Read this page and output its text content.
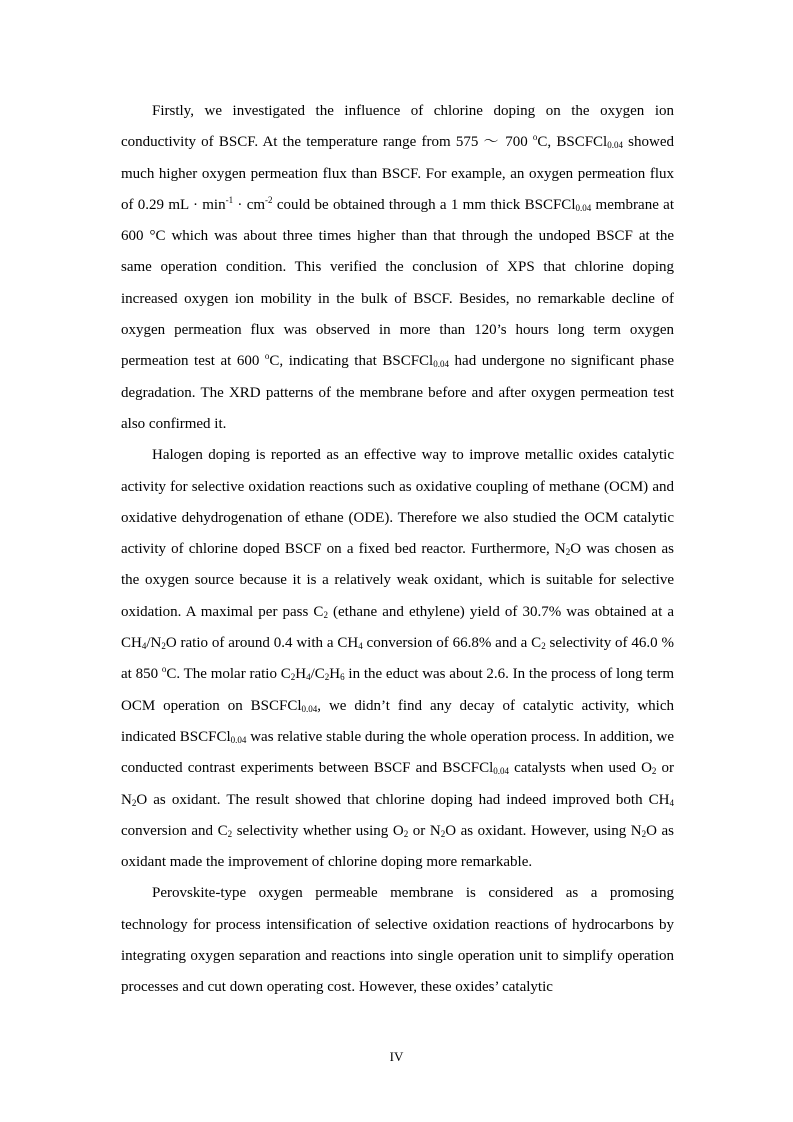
Firstly, we investigated the influence of chlorine doping on the oxygen ion conductivity of BSCF. At the temperature range from 575 ～ 700 $^o$C, BSCFCl$_{0.04}$ showed much higher oxygen permeation flux than BSCF. For example, an oxygen permeation flux of 0.29 mL · $\min^{-1} \cdot cm^{-2}$ could be obtained through a 1 mm thick BSCFCl$_{0.04}$ membrane at 600 °C which was about three times higher than that through the undoped BSCF at the same operation condition. This verified the conclusion of XPS that chlorine doping increased oxygen ion mobility in the bulk of BSCF. Besides, no remarkable decline of oxygen permeation flux was observed in more than 120’s hours long term oxygen permeation test at 600 $^o$C, indicating that BSCFCl$_{0.04}$ had undergone no significant phase degradation. The XRD patterns of the membrane before and after oxygen permeation test also confirmed it.

Halogen doping is reported as an effective way to improve metallic oxides catalytic activity for selective oxidation reactions such as oxidative coupling of methane (OCM) and oxidative dehydrogenation of ethane (ODE). Therefore we also studied the OCM catalytic activity of chlorine doped BSCF on a fixed bed reactor. Furthermore, $N_2O$ was chosen as the oxygen source because it is a relatively weak oxidant, which is suitable for selective oxidation. A maximal per pass $C_2$ (ethane and ethylene) yield of 30.7% was obtained at a $CH_4/N_2O$ ratio of around 0.4 with a $CH_4$ conversion of 66.8% and a $C_2$ selectivity of 46.0 % at 850 $^o$C. The molar ratio $C_2H_4/C_2H_6$ in the educt was about 2.6. In the process of long term OCM operation on BSCFCl$_{0.04}$, we didn’t find any decay of catalytic activity, which indicated BSCFCl$_{0.04}$ was relative stable during the whole operation process. In addition, we conducted contrast experiments between BSCF and BSCFCl$_{0.04}$ catalysts when used $O_2$ or $N_2O$ as oxidant. The result showed that chlorine doping had indeed improved both $CH_4$ conversion and $C_2$ selectivity whether using $O_2$ or $N_2O$ as oxidant. However, using $N_2O$ as oxidant made the improvement of chlorine doping more remarkable.

Perovskite-type oxygen permeable membrane is considered as a promosing technology for process intensification of selective oxidation reactions of hydrocarbons by integrating oxygen separation and reactions into single operation unit to simplify operation processes and cut down operating cost. However, these oxides’ catalytic

IV
